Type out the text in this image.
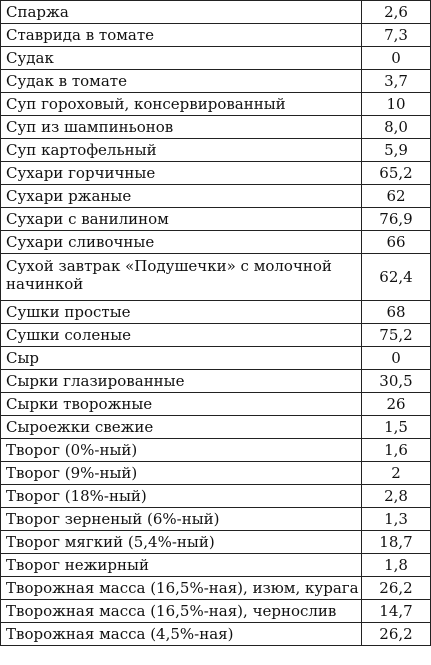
Спаржа	2,6
Ставрида в томате	7,3
Судак	0
Судак в томате	3,7
Суп гороховый, консервированный	10
Суп из шампиньонов	8,0
Суп картофельный	5,9
Сухари горчичные	65,2
Сухари ржаные	62
Сухари с ванилином	76,9
Сухари сливочные	66
Сухой завтрак «Подушечки» с молочной начинкой	62,4
Сушки простые	68
Сушки соленые	75,2
Сыр	0
Сырки глазированные	30,5
Сырки творожные	26
Сыроежки свежие	1,5
Творог (0%-ный)	1,6
Творог (9%-ный)	2
Творог (18%-ный)	2,8
Творог зерненый (6%-ный)	1,3
Творог мягкий (5,4%-ный)	18,7
Творог нежирный	1,8
Творожная масса (16,5%-ная), изюм, курага	26,2
Творожная масса (16,5%-ная), чернослив	14,7
Творожная масса (4,5%-ная)	26,2
